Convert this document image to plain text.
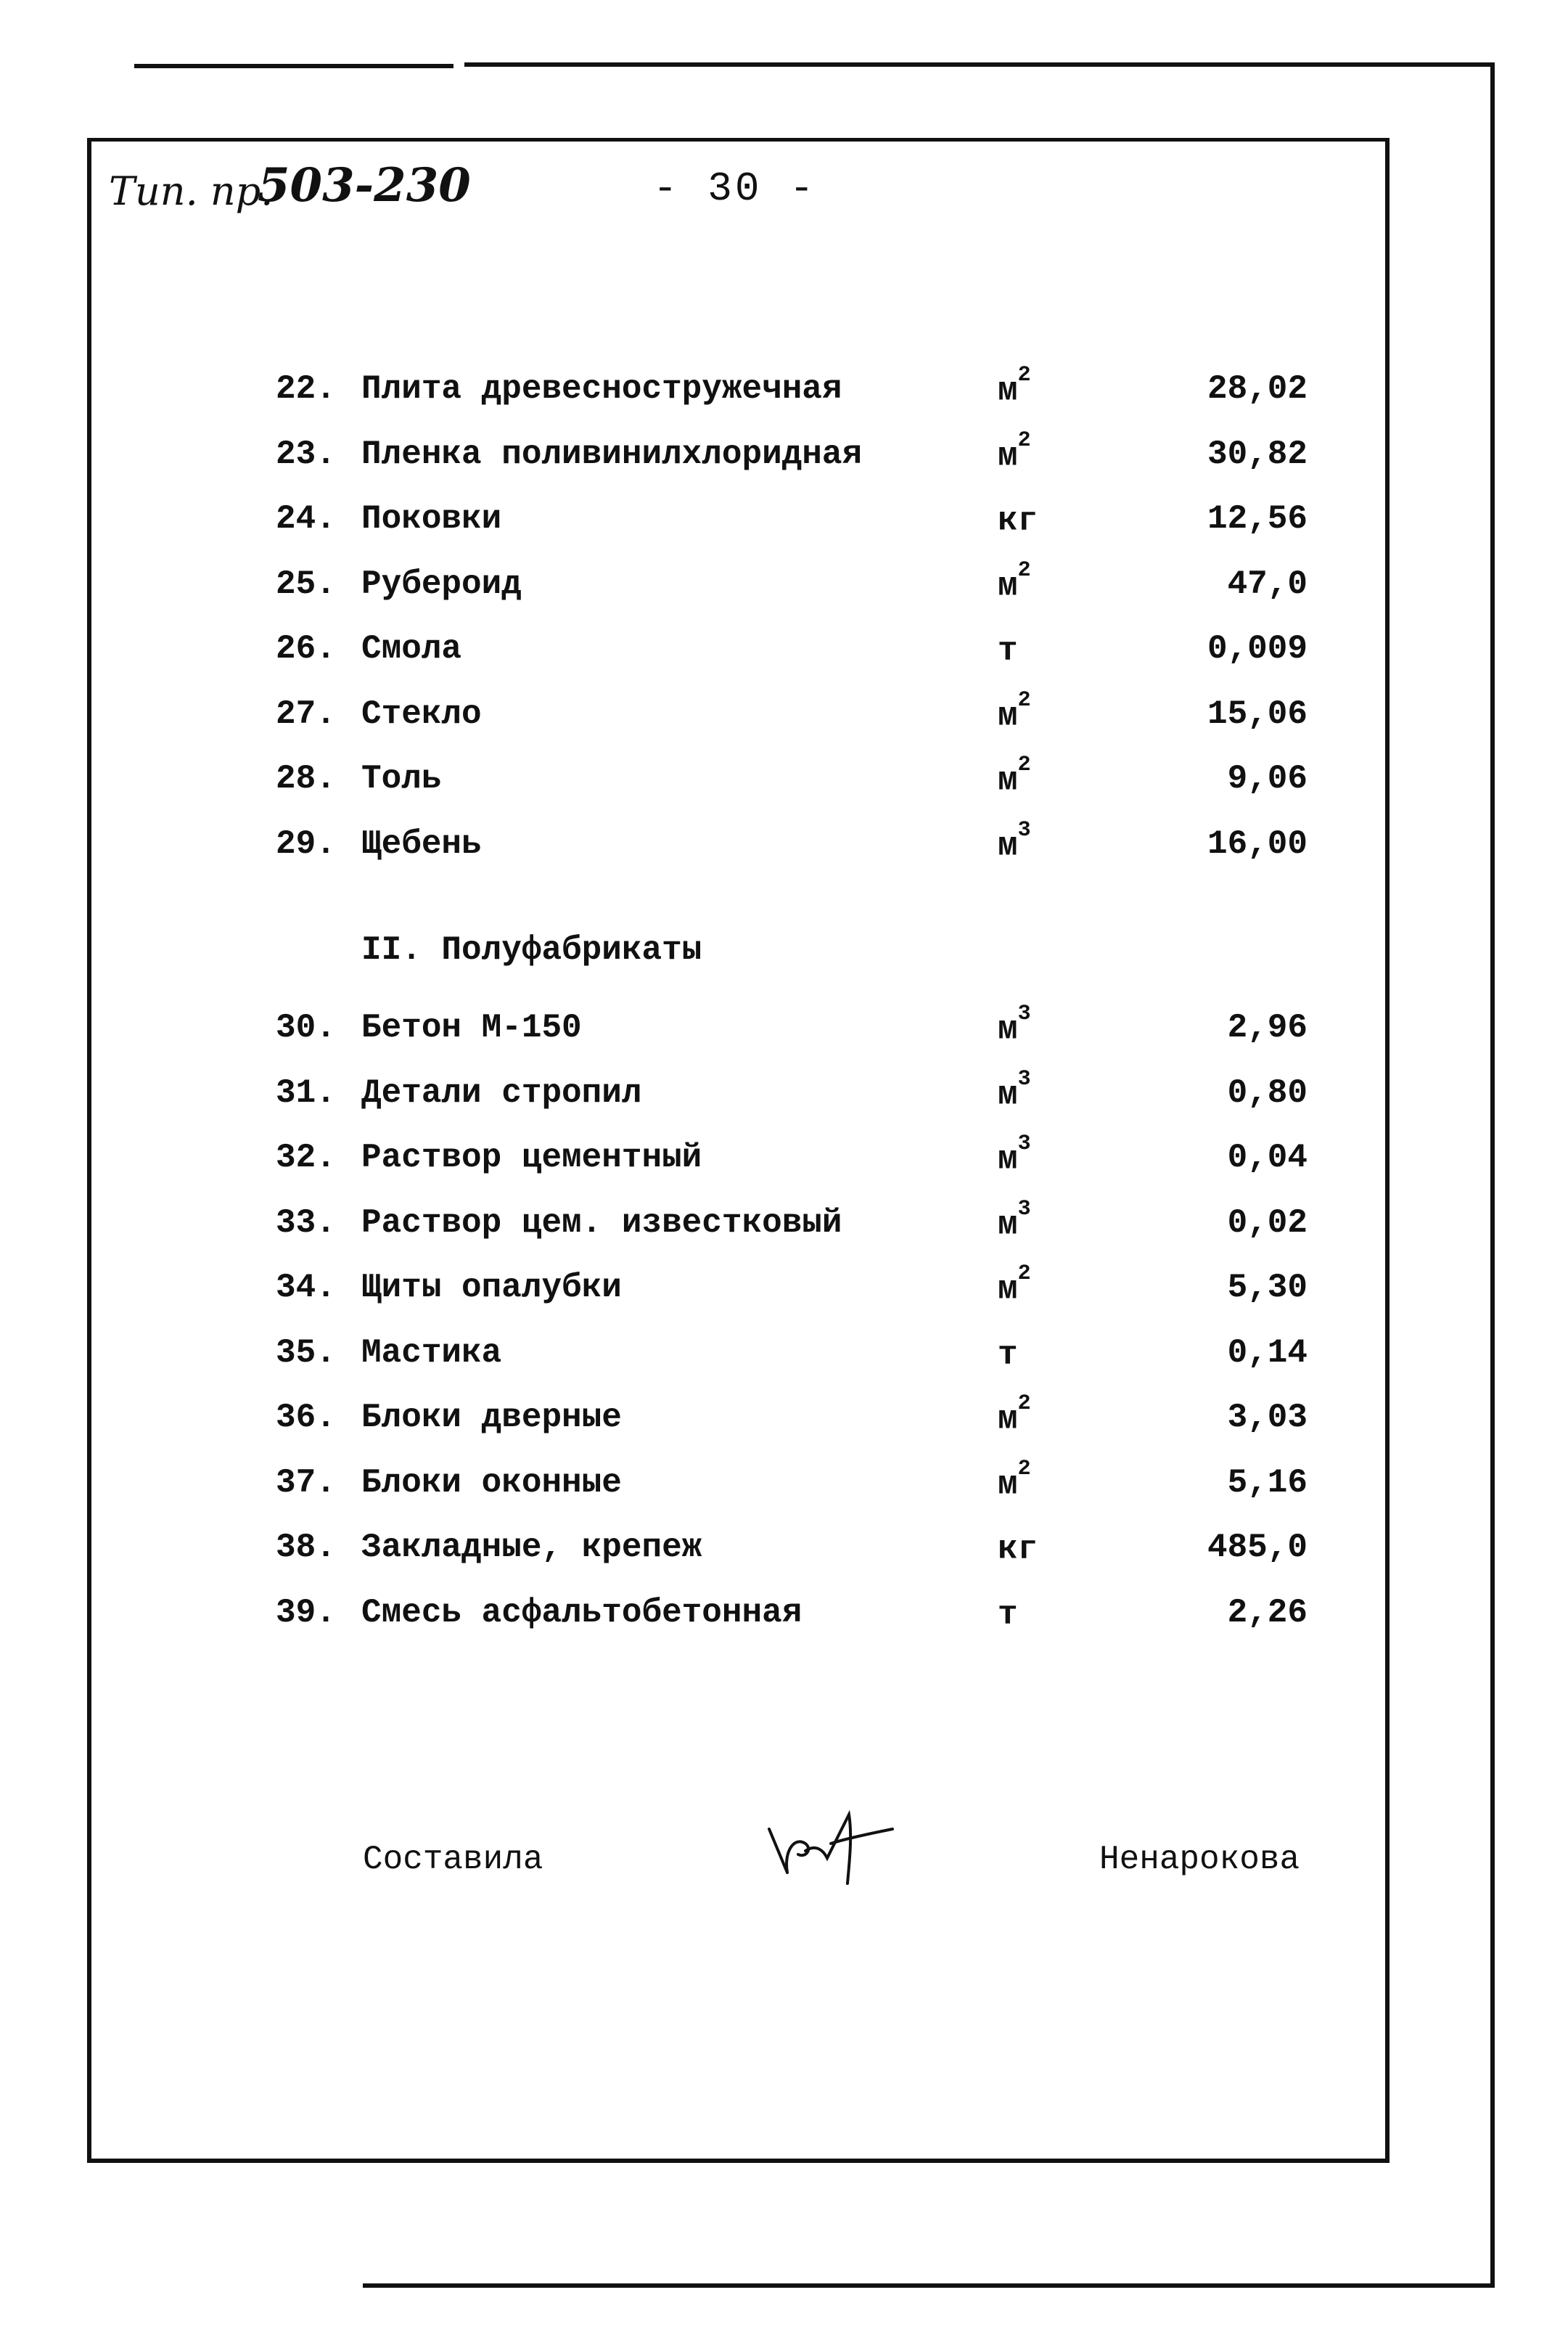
Тип. пр.
503-230	- 30 -
22. Плита древесностружечная	$м^2$	28,02
23. Пленка поливинилхлоридная	$м^2$	30,82
24. Поковки	кг	12,56
25. Рубероид	$м^2$	47,0
26. Смола	т	0,009
27. Стекло	$м^2$	15,06
28. Толь	$м^2$	9,06
29. Щебень	$м^3$	16,00
II. Полуфабрикаты
30. Бетон М-150	$м^3$	2,96
31. Детали стропил	$м^3$	0,80
32. Раствор цементный	$м^3$	0,04
33. Раствор цем. известковый	$м^3$	0,02
34. Щиты опалубки	$м^2$	5,30
35. Мастика	т	0,14
36. Блоки дверные	$м^2$	3,03
37. Блоки оконные	$м^2$	5,16
38. Закладные, крепеж	кг	485,0
39. Смесь асфальтобетонная	т	2,26
Составила	Ненарокова
